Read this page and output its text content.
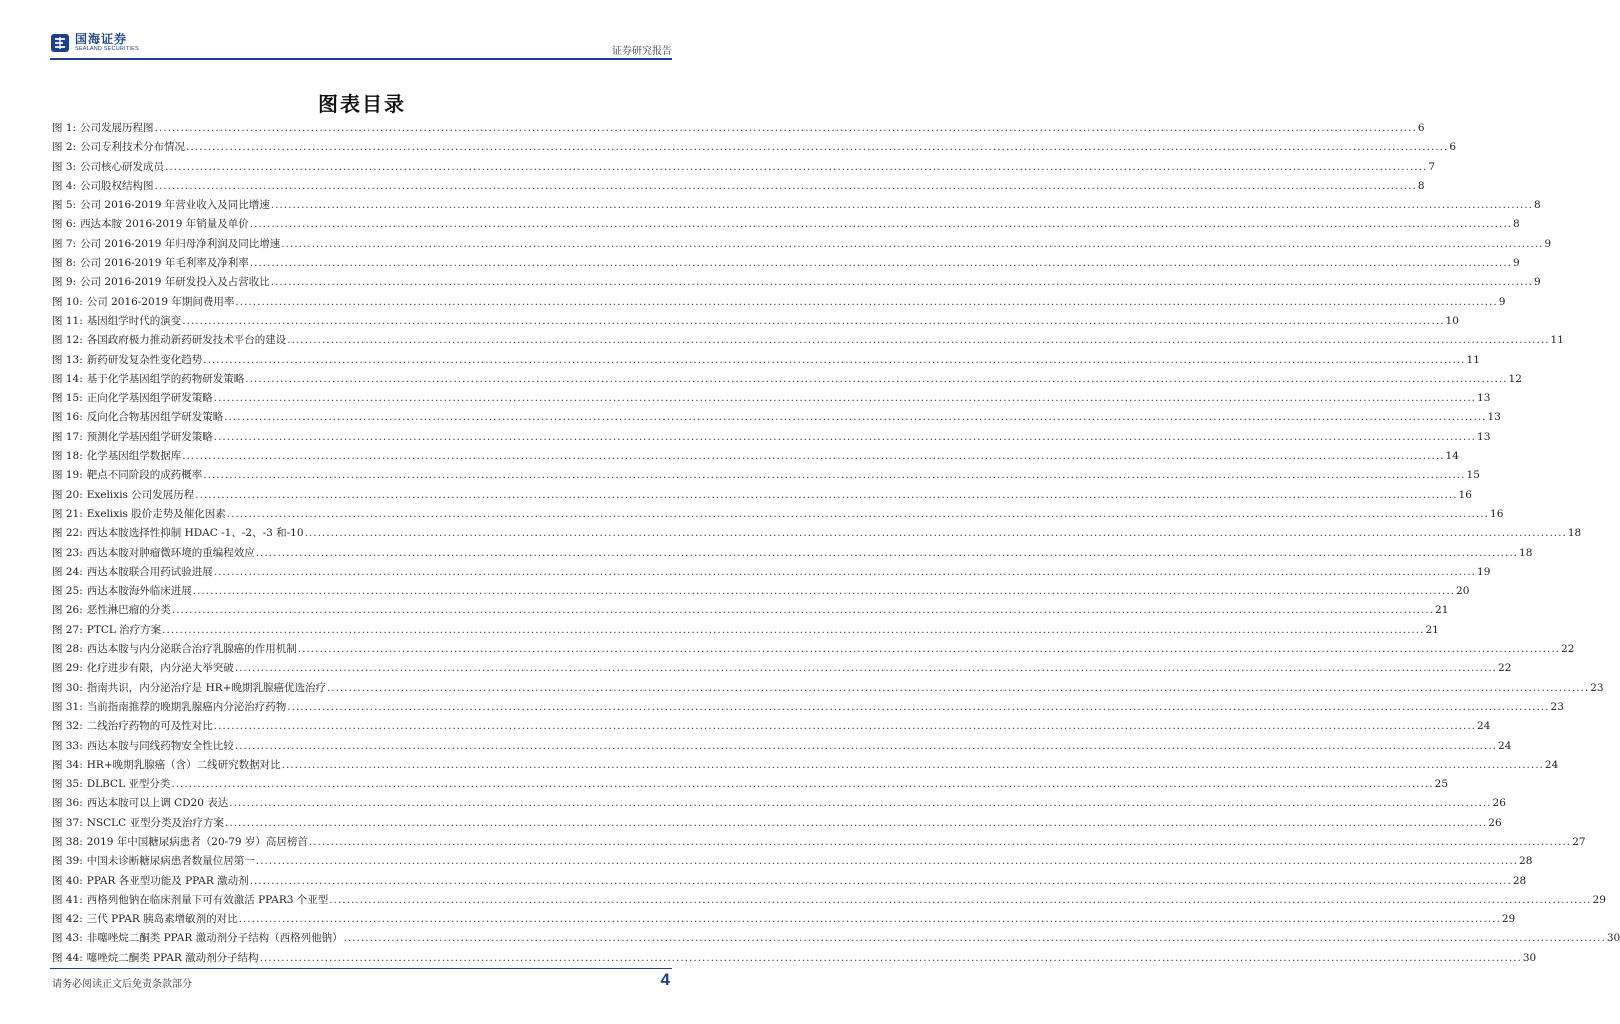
国海证券
SEALAND SECURITIES	证券研究报告
图表目录
图 1: 公司发展历程图 .....	6
图 2: 公司专利技术分布情况 .....	6
图 3: 公司核心研发成员 .....	7
图 4: 公司股权结构图 .....	8
图 5: 公司 2016-2019 年营业收入及同比增速 .....	8
图 6: 西达本胺 2016-2019 年销量及单价 .....	8
图 7: 公司 2016-2019 年归母净利润及同比增速 .....	9
图 8: 公司 2016-2019 年毛利率及净利率 .....	9
图 9: 公司 2016-2019 年研发投入及占营收比 .....	9
图 10: 公司 2016-2019 年期间费用率 .....	9
图 11: 基因组学时代的演变 .....	10
图 12: 各国政府极力推动新药研发技术平台的建设 .....	11
图 13: 新药研发复杂性变化趋势 .....	11
图 14: 基于化学基因组学的药物研发策略 .....	12
图 15: 正向化学基因组学研发策略 .....	13
图 16: 反向化合物基因组学研发策略 .....	13
图 17: 预测化学基因组学研发策略 .....	13
图 18: 化学基因组学数据库 .....	14
图 19: 靶点不同阶段的成药概率 .....	15
图 20: Exelixis 公司发展历程 .....	16
图 21: Exelixis 股价走势及催化因素 .....	16
图 22: 西达本胺选择性抑制 HDAC -1、-2、-3 和-10 .....	18
图 23: 西达本胺对肿瘤微环境的重编程效应 .....	18
图 24: 西达本胺联合用药试验进展 .....	19
图 25: 西达本胺海外临床进展 .....	20
图 26: 恶性淋巴瘤的分类 .....	21
图 27: PTCL 治疗方案 .....	21
图 28: 西达本胺与内分泌联合治疗乳腺癌的作用机制 .....	22
图 29: 化疗进步有限，内分泌大举突破 .....	22
图 30: 指南共识，内分泌治疗是 HR+晚期乳腺癌优选治疗 .....	23
图 31: 当前指南推荐的晚期乳腺癌内分泌治疗药物 .....	23
图 32: 二线治疗药物的可及性对比 .....	24
图 33: 西达本胺与同线药物安全性比较 .....	24
图 34: HR+晚期乳腺癌（含）二线研究数据对比 .....	24
图 35: DLBCL 亚型分类 .....	25
图 36: 西达本胺可以上调 CD20 表达 .....	26
图 37: NSCLC 亚型分类及治疗方案 .....	26
图 38: 2019 年中国糖尿病患者（20-79 岁）高居榜首 .....	27
图 39: 中国未诊断糖尿病患者数量位居第一 .....	28
图 40: PPAR 各亚型功能及 PPAR 激动剂 .....	28
图 41: 西格列他钠在临床剂量下可有效激活 PPAR3 个亚型 .....	29
图 42: 三代 PPAR 胰岛素增敏剂的对比 .....	29
图 43: 非噻唑烷二酮类 PPAR 激动剂分子结构（西格列他钠） .....	30
图 44: 噻唑烷二酮类 PPAR 激动剂分子结构 .....	30
请务必阅读正文后免责条款部分	4
